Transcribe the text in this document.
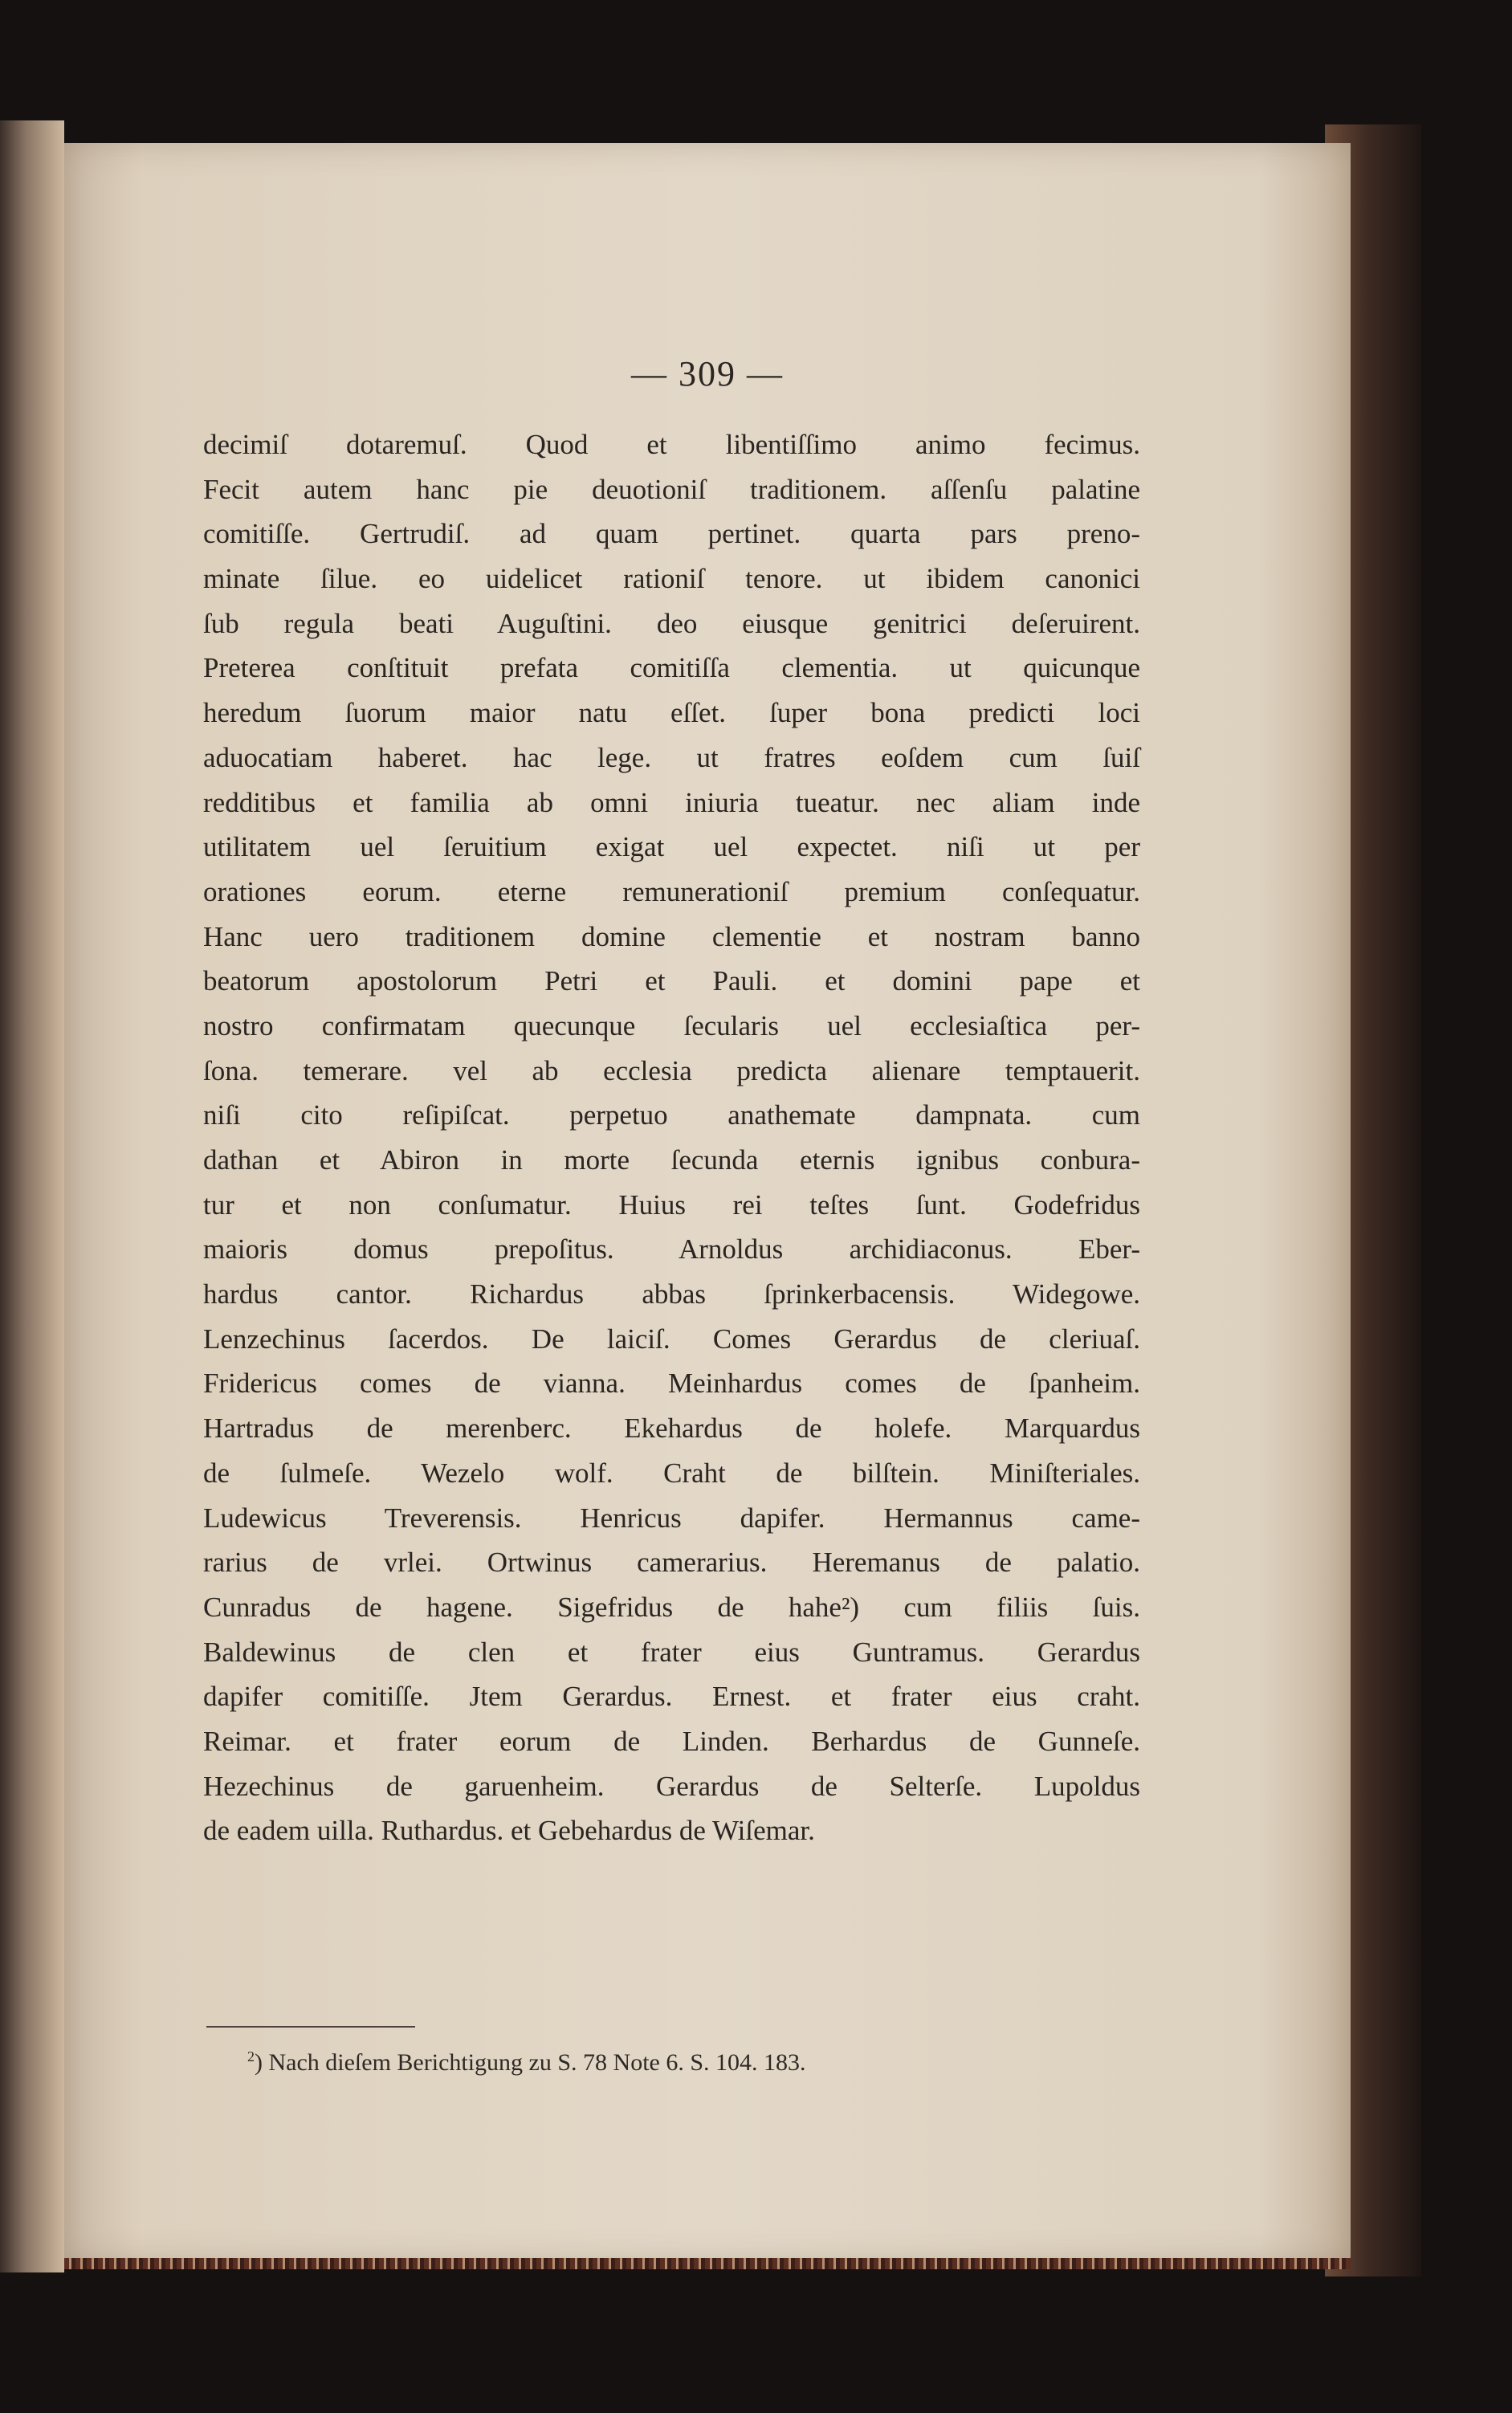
— 309 —
decimiſ dotaremuſ. Quod et libentiſſimo animo fecimus.
Fecit autem hanc pie deuotioniſ traditionem. aſſenſu palatine
comitiſſe. Gertrudiſ. ad quam pertinet. quarta pars preno-
minate ſilue. eo uidelicet rationiſ tenore. ut ibidem canonici
ſub regula beati Auguſtini. deo eiusque genitrici deſeruirent.
Preterea conſtituit prefata comitiſſa clementia. ut quicunque
heredum ſuorum maior natu eſſet. ſuper bona predicti loci
aduocatiam haberet. hac lege. ut fratres eoſdem cum ſuiſ
redditibus et familia ab omni iniuria tueatur. nec aliam inde
utilitatem uel ſeruitium exigat uel expectet. niſi ut per
orationes eorum. eterne remunerationiſ premium conſequatur.
Hanc uero traditionem domine clementie et nostram banno
beatorum apostolorum Petri et Pauli. et domini pape et
nostro confirmatam quecunque ſecularis uel ecclesiaſtica per-
ſona. temerare. vel ab ecclesia predicta alienare temptauerit.
niſi cito reſipiſcat. perpetuo anathemate dampnata. cum
dathan et Abiron in morte ſecunda eternis ignibus conbura-
tur et non conſumatur. Huius rei teſtes ſunt. Godefridus
maioris domus prepoſitus. Arnoldus archidiaconus. Eber-
hardus cantor. Richardus abbas ſprinkerbacensis. Widegowe.
Lenzechinus ſacerdos. De laiciſ. Comes Gerardus de cleriuaſ.
Fridericus comes de vianna. Meinhardus comes de ſpanheim.
Hartradus de merenberc. Ekehardus de holefe. Marquardus
de ſulmeſe. Wezelo wolf. Craht de bilſtein. Miniſteriales.
Ludewicus Treverensis. Henricus dapifer. Hermannus came-
rarius de vrlei. Ortwinus camerarius. Heremanus de palatio.
Cunradus de hagene. Sigefridus de hahe²) cum filiis ſuis.
Baldewinus de clen et frater eius Guntramus. Gerardus
dapifer comitiſſe. Jtem Gerardus. Ernest. et frater eius craht.
Reimar. et frater eorum de Linden. Berhardus de Gunneſe.
Hezechinus de garuenheim. Gerardus de Selterſe. Lupoldus
de eadem uilla. Ruthardus. et Gebehardus de Wiſemar.
$^2$) Nach dieſem Berichtigung zu S. 78 Note 6. S. 104. 183.
